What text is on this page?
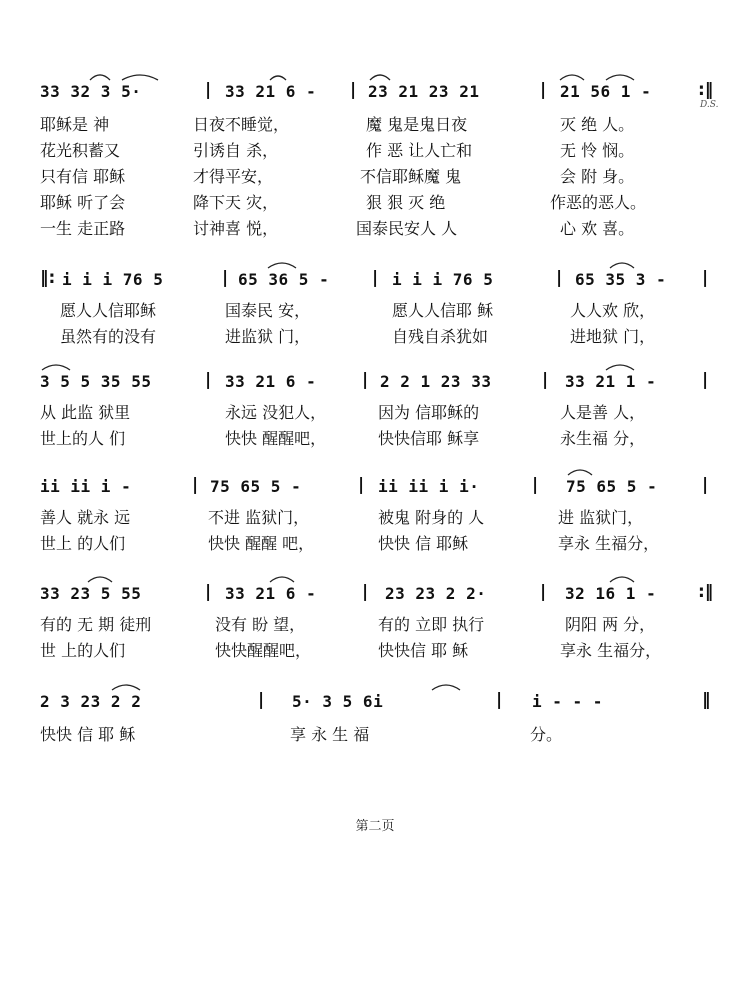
33 32 3 5·	| 33 21 6 - | 23 21 23 21	| 21 56 1 -	:‖
D.S.
耶稣是 神	日夜不睡觉，	魔 鬼是鬼日夜	灭 绝 人。
花光积蓄又	引诱自 杀，	作 恶 让人亡和	无 怜 悯。
只有信 耶稣	才得平安，	不信耶稣魔 鬼	会 附 身。
耶稣 听了会	降下天 灾，	狠 狠 灭 绝	作恶的恶人。
一生 走正路	讨神喜 悦，	国泰民安人 人	心 欢 喜。
‖: i i i 76 5	| 65 36 5 -	| i i i 76 5	| 65 35 3 - |
愿人人信耶稣	国泰民 安，	愿人人信耶 稣	人人欢 欣，
虽然有的没有	进监狱 门，	自残自杀犹如	进地狱 门，
3 5 5 35 55	| 33 21 6 -	| 2 2 1 23 33	| 33 21 1 -	|
从 此监 狱里	永远 没犯人，	因为 信耶稣的	人是善 人，
世上的人 们	快快 醒醒吧，	快快信耶 稣享	永生福 分，
ii ii i -	| 75 65 5 -	| ii ii i i·	| 75 65 5 -	|
善人 就永 远	不进 监狱门，	被鬼 附身的 人	进 监狱门，
世上 的人们	快快 醒醒 吧，	快快 信 耶稣	享永 生福分，
33 23 5 55	| 33 21 6 -	| 23 23 2 2·	| 32 16 1 - :‖
有的 无 期 徒刑	没有 盼 望，	有的 立即 执行	阴阳 两 分，
世 上的人们	快快醒醒吧，	快快信 耶 稣	享永 生福分，
2 3 23 2 2	| 5· 3 5 6i	| i - - -	‖
快快 信 耶 稣	享 永 生 福	分。
第二页
